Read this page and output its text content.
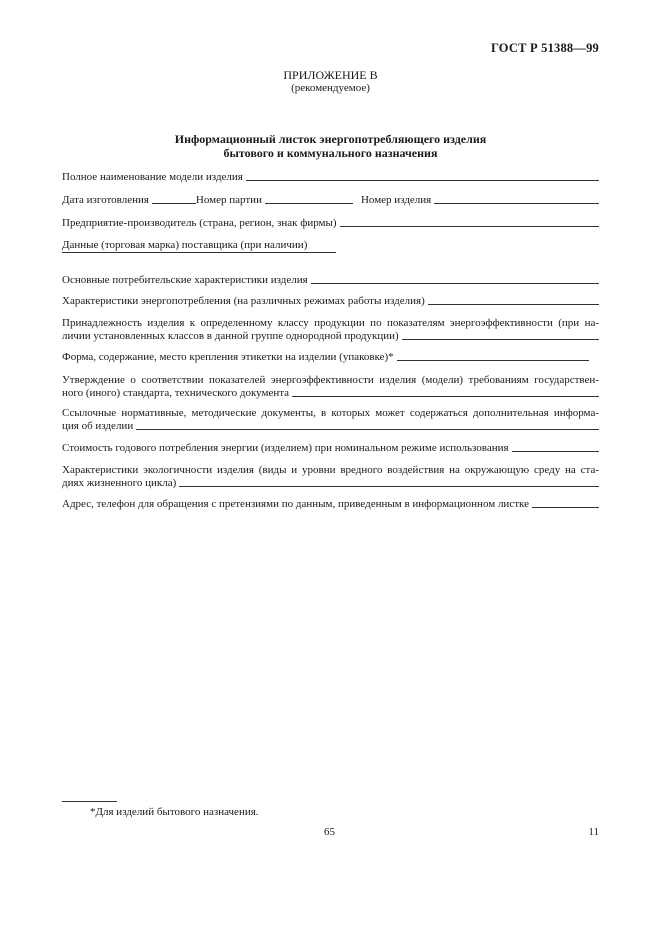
ГОСТ Р 51388—99
ПРИЛОЖЕНИЕ В
(рекомендуемое)
Информационный листок энергопотребляющего изделия
бытового и коммунального назначения
Полное наименование модели изделия
Дата изготовления	Номер партии	Номер изделия
Предприятие-производитель (страна, регион, знак фирмы)
Данные (торговая марка) поставщика (при наличии)
Основные потребительские характеристики изделия
Характеристики энергопотребления (на различных режимах работы изделия)
Принадлежность изделия к определенному классу продукции по показателям энергоэффективности (при на-
личии установленных классов в данной группе однородной продукции)
Форма, содержание, место крепления этикетки на изделии (упаковке)*
Утверждение о соответствии показателей энергоэффективности изделия (модели) требованиям государствен-
ного (иного) стандарта, технического документа
Ссылочные нормативные, методические документы, в которых может содержаться дополнительная информа-
ция об изделии
Стоимость годового потребления энергии (изделием) при номинальном режиме использования
Характеристики экологичности изделия (виды и уровни вредного воздействия на окружающую среду на ста-
диях жизненного цикла)
Адрес, телефон для обращения с претензиями по данным, приведенным в информационном листке
*Для изделий бытового назначения.
65	11
